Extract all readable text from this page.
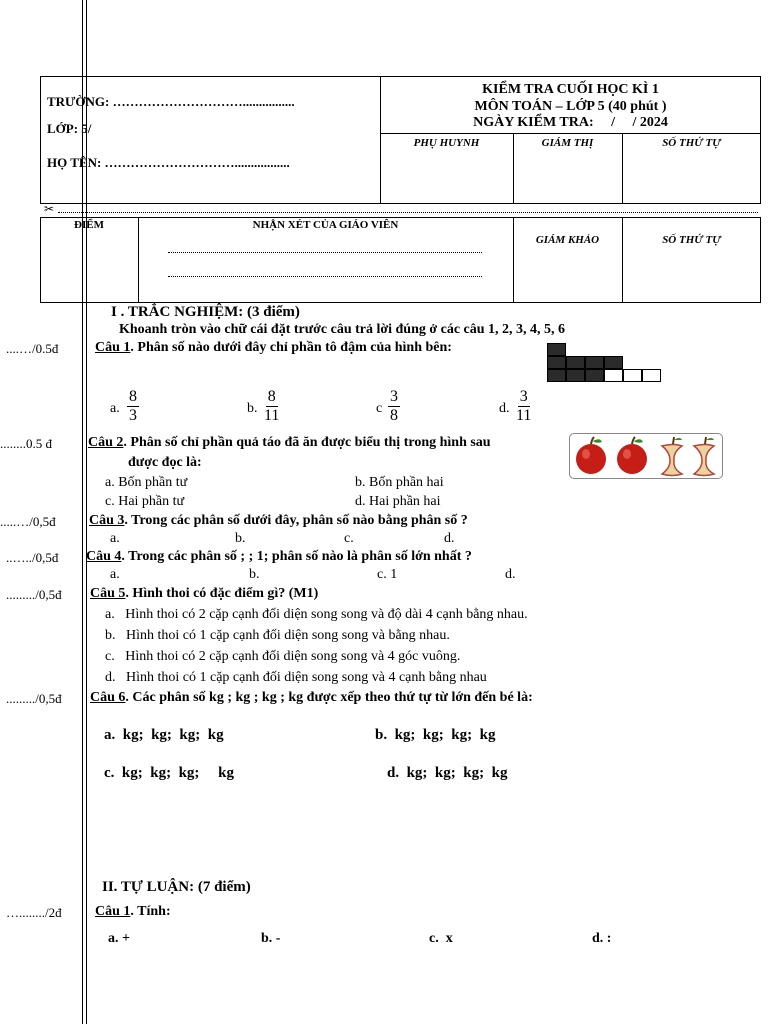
TRƯỜNG: …………………………................
LỚP: 5/
HỌ TÊN: ………………………….................
KIỂM TRA CUỐI HỌC KÌ 1
MÔN TOÁN – LỚP 5 (40 phút )
NGÀY KIỂM TRA:     /     / 2024
PHỤ HUYNH	GIÁM THỊ	SỐ THỨ TỰ
✂
ĐIỂM	NHẬN XÉT CỦA GIÁO VIÊN
GIÁM KHẢO	SỐ THỨ TỰ
I . TRẮC NGHIỆM: (3 điểm)
Khoanh tròn vào chữ cái đặt trước câu trả lời đúng ở các câu 1, 2, 3, 4, 5, 6
....…/0.5đ	Câu 1. Phân số nào dưới đây chỉ phần tô đậm của hình bên:
a. $\frac{8}{3}$	b. $\frac{8}{11}$	c $\frac{3}{8}$	d. $\frac{3}{11}$
........0.5 đ	Câu 2. Phân số chỉ phần quả táo đã ăn được biểu thị trong hình sau
được đọc là:
a. Bốn phần tư	b. Bốn phần hai
c. Hai phần tư	d. Hai phần hai
.....…/0,5đ Câu 3. Trong các phân số dưới đây, phân số nào bằng phân số ?
a.	b.	c.	d.
..…../0,5đ Câu 4. Trong các phân số ; ; 1; phân số nào là phân số lớn nhất ?
a.	b.	c. 1	d.
........./0,5đ Câu 5. Hình thoi có đặc điểm gì? (M1)
a.   Hình thoi có 2 cặp cạnh đối diện song song và độ dài 4 cạnh bằng nhau.
b.   Hình thoi có 1 cặp cạnh đối diện song song và bằng nhau.
c.   Hình thoi có 2 cặp cạnh đối diện song song và 4 góc vuông.
d.   Hình thoi có 1 cặp cạnh đối diện song song và 4 cạnh bằng nhau
........./0,5đ Câu 6. Các phân số kg ; kg ; kg ; kg được xếp theo thứ tự từ lớn đến bé là:
a.  kg;  kg;  kg;  kg	b.  kg;  kg;  kg;  kg
c.  kg;  kg;  kg;     kg	d.  kg;  kg;  kg;  kg
II. TỰ LUẬN: (7 điểm)
…......../2đ Câu 1. Tính:
a. +	b. -	c.  x	d. :
